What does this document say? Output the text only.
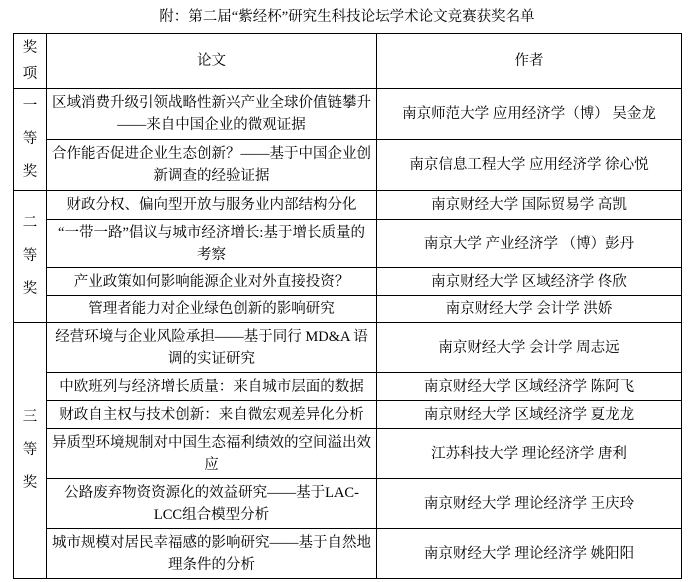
附：第二届“紫经杯”研究生科技论坛学术论文竞赛获奖名单
奖项	论文	作者

一等奖	区域消费升级引领战略性新兴产业全球价值链攀升——来自中国企业的微观证据	南京师范大学 应用经济学（博） 吴金龙
	合作能否促进企业生态创新？——基于中国企业创新调查的经验证据	南京信息工程大学 应用经济学 徐心悦

二等奖	财政分权、偏向型开放与服务业内部结构分化	南京财经大学 国际贸易学 高凯
	“一带一路”倡议与城市经济增长:基于增长质量的考察	南京大学 产业经济学 （博）彭丹
	产业政策如何影响能源企业对外直接投资？	南京财经大学 区域经济学 佟欣
	管理者能力对企业绿色创新的影响研究	南京财经大学 会计学 洪娇

三等奖	经营环境与企业风险承担——基于同行 MD&A 语调的实证研究	南京财经大学 会计学 周志远
	中欧班列与经济增长质量：来自城市层面的数据	南京财经大学 区域经济学 陈阿飞
	财政自主权与技术创新：来自微宏观差异化分析	南京财经大学 区域经济学 夏龙龙
	异质型环境规制对中国生态福利绩效的空间溢出效应	江苏科技大学 理论经济学 唐利
	公路废弃物资资源化的效益研究——基于LAC-LCC组合模型分析	南京财经大学 理论经济学 王庆玲
	城市规模对居民幸福感的影响研究——基于自然地理条件的分析	南京财经大学 理论经济学 姚阳阳
